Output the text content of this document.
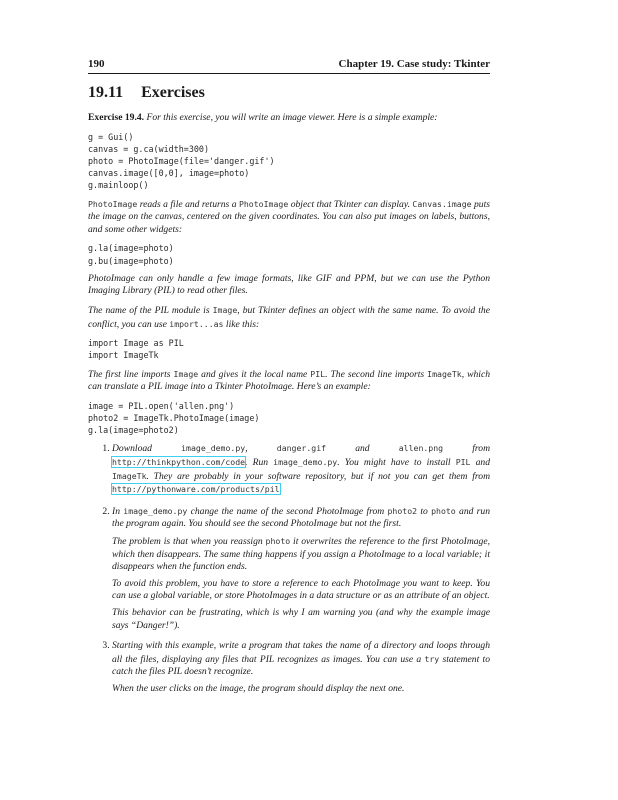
190	Chapter 19. Case study: Tkinter
19.11 Exercises

Exercise 19.4. For this exercise, you will write an image viewer. Here is a simple example:

g = Gui()
canvas = g.ca(width=300)
photo = PhotoImage(file='danger.gif')
canvas.image([0,0], image=photo)
g.mainloop()

PhotoImage reads a file and returns a PhotoImage object that Tkinter can display. Canvas.image puts the image on the canvas, centered on the given coordinates. You can also put images on labels, buttons, and some other widgets:

g.la(image=photo)
g.bu(image=photo)

PhotoImage can only handle a few image formats, like GIF and PPM, but we can use the Python Imaging Library (PIL) to read other files.

The name of the PIL module is Image, but Tkinter defines an object with the same name. To avoid the conflict, you can use import...as like this:

import Image as PIL
import ImageTk

The first line imports Image and gives it the local name PIL. The second line imports ImageTk, which can translate a PIL image into a Tkinter PhotoImage. Here’s an example:

image = PIL.open('allen.png')
photo2 = ImageTk.PhotoImage(image)
g.la(image=photo2)
1. Download image_demo.py, danger.gif and allen.png from http://thinkpython.com/code. Run image_demo.py. You might have to install PIL and ImageTk. They are probably in your software repository, but if not you can get them from http://pythonware.com/products/pil.
2. In image_demo.py change the name of the second PhotoImage from photo2 to photo and run the program again. You should see the second PhotoImage but not the first.

The problem is that when you reassign photo it overwrites the reference to the first PhotoImage, which then disappears. The same thing happens if you assign a PhotoImage to a local variable; it disappears when the function ends.

To avoid this problem, you have to store a reference to each PhotoImage you want to keep. You can use a global variable, or store PhotoImages in a data structure or as an attribute of an object.

This behavior can be frustrating, which is why I am warning you (and why the example image says “Danger!”).

3. Starting with this example, write a program that takes the name of a directory and loops through all the files, displaying any files that PIL recognizes as images. You can use a try statement to catch the files PIL doesn’t recognize.

When the user clicks on the image, the program should display the next one.
